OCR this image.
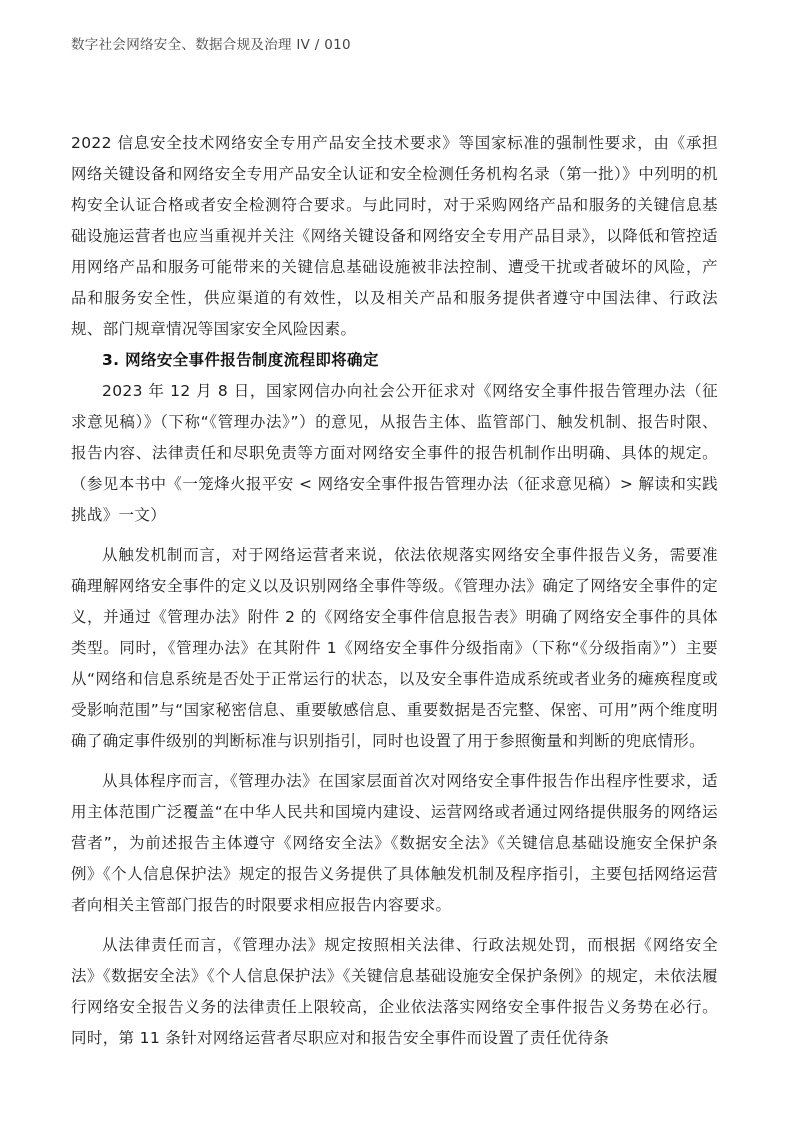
数字社会网络安全、数据合规及治理 IV / 010

2022 信息安全技术网络安全专用产品安全技术要求》等国家标准的强制性要求，由《承担网络关键设备和网络安全专用产品安全认证和安全检测任务机构名录（第一批）》中列明的机构安全认证合格或者安全检测符合要求。与此同时，对于采购网络产品和服务的关键信息基础设施运营者也应当重视并关注《网络关键设备和网络安全专用产品目录》，以降低和管控适用网络产品和服务可能带来的关键信息基础设施被非法控制、遭受干扰或者破坏的风险，产品和服务安全性，供应渠道的有效性，以及相关产品和服务提供者遵守中国法律、行政法规、部门规章情况等国家安全风险因素。

3. 网络安全事件报告制度流程即将确定

2023 年 12 月 8 日，国家网信办向社会公开征求对《网络安全事件报告管理办法（征求意见稿）》（下称“《管理办法》”）的意见，从报告主体、监管部门、触发机制、报告时限、报告内容、法律责任和尽职免责等方面对网络安全事件的报告机制作出明确、具体的规定。（参见本书中《一笼烽火报平安 < 网络安全事件报告管理办法（征求意见稿）> 解读和实践挑战》一文）

从触发机制而言，对于网络运营者来说，依法依规落实网络安全事件报告义务，需要准确理解网络安全事件的定义以及识别网络全事件等级。《管理办法》确定了网络安全事件的定义，并通过《管理办法》附件 2 的《网络安全事件信息报告表》明确了网络安全事件的具体类型。同时，《管理办法》在其附件 1《网络安全事件分级指南》（下称“《分级指南》”）主要从“网络和信息系统是否处于正常运行的状态，以及安全事件造成系统或者业务的瘫痪程度或受影响范围”与“国家秘密信息、重要敏感信息、重要数据是否完整、保密、可用”两个维度明确了确定事件级别的判断标准与识别指引，同时也设置了用于参照衡量和判断的兜底情形。

从具体程序而言，《管理办法》在国家层面首次对网络安全事件报告作出程序性要求，适用主体范围广泛覆盖“在中华人民共和国境内建设、运营网络或者通过网络提供服务的网络运营者”，为前述报告主体遵守《网络安全法》《数据安全法》《关键信息基础设施安全保护条例》《个人信息保护法》规定的报告义务提供了具体触发机制及程序指引，主要包括网络运营者向相关主管部门报告的时限要求相应报告内容要求。

从法律责任而言，《管理办法》规定按照相关法律、行政法规处罚，而根据《网络安全法》《数据安全法》《个人信息保护法》《关键信息基础设施安全保护条例》的规定，未依法履行网络安全报告义务的法律责任上限较高，企业依法落实网络安全事件报告义务势在必行。同时，第 11 条针对网络运营者尽职应对和报告安全事件而设置了责任优待条
